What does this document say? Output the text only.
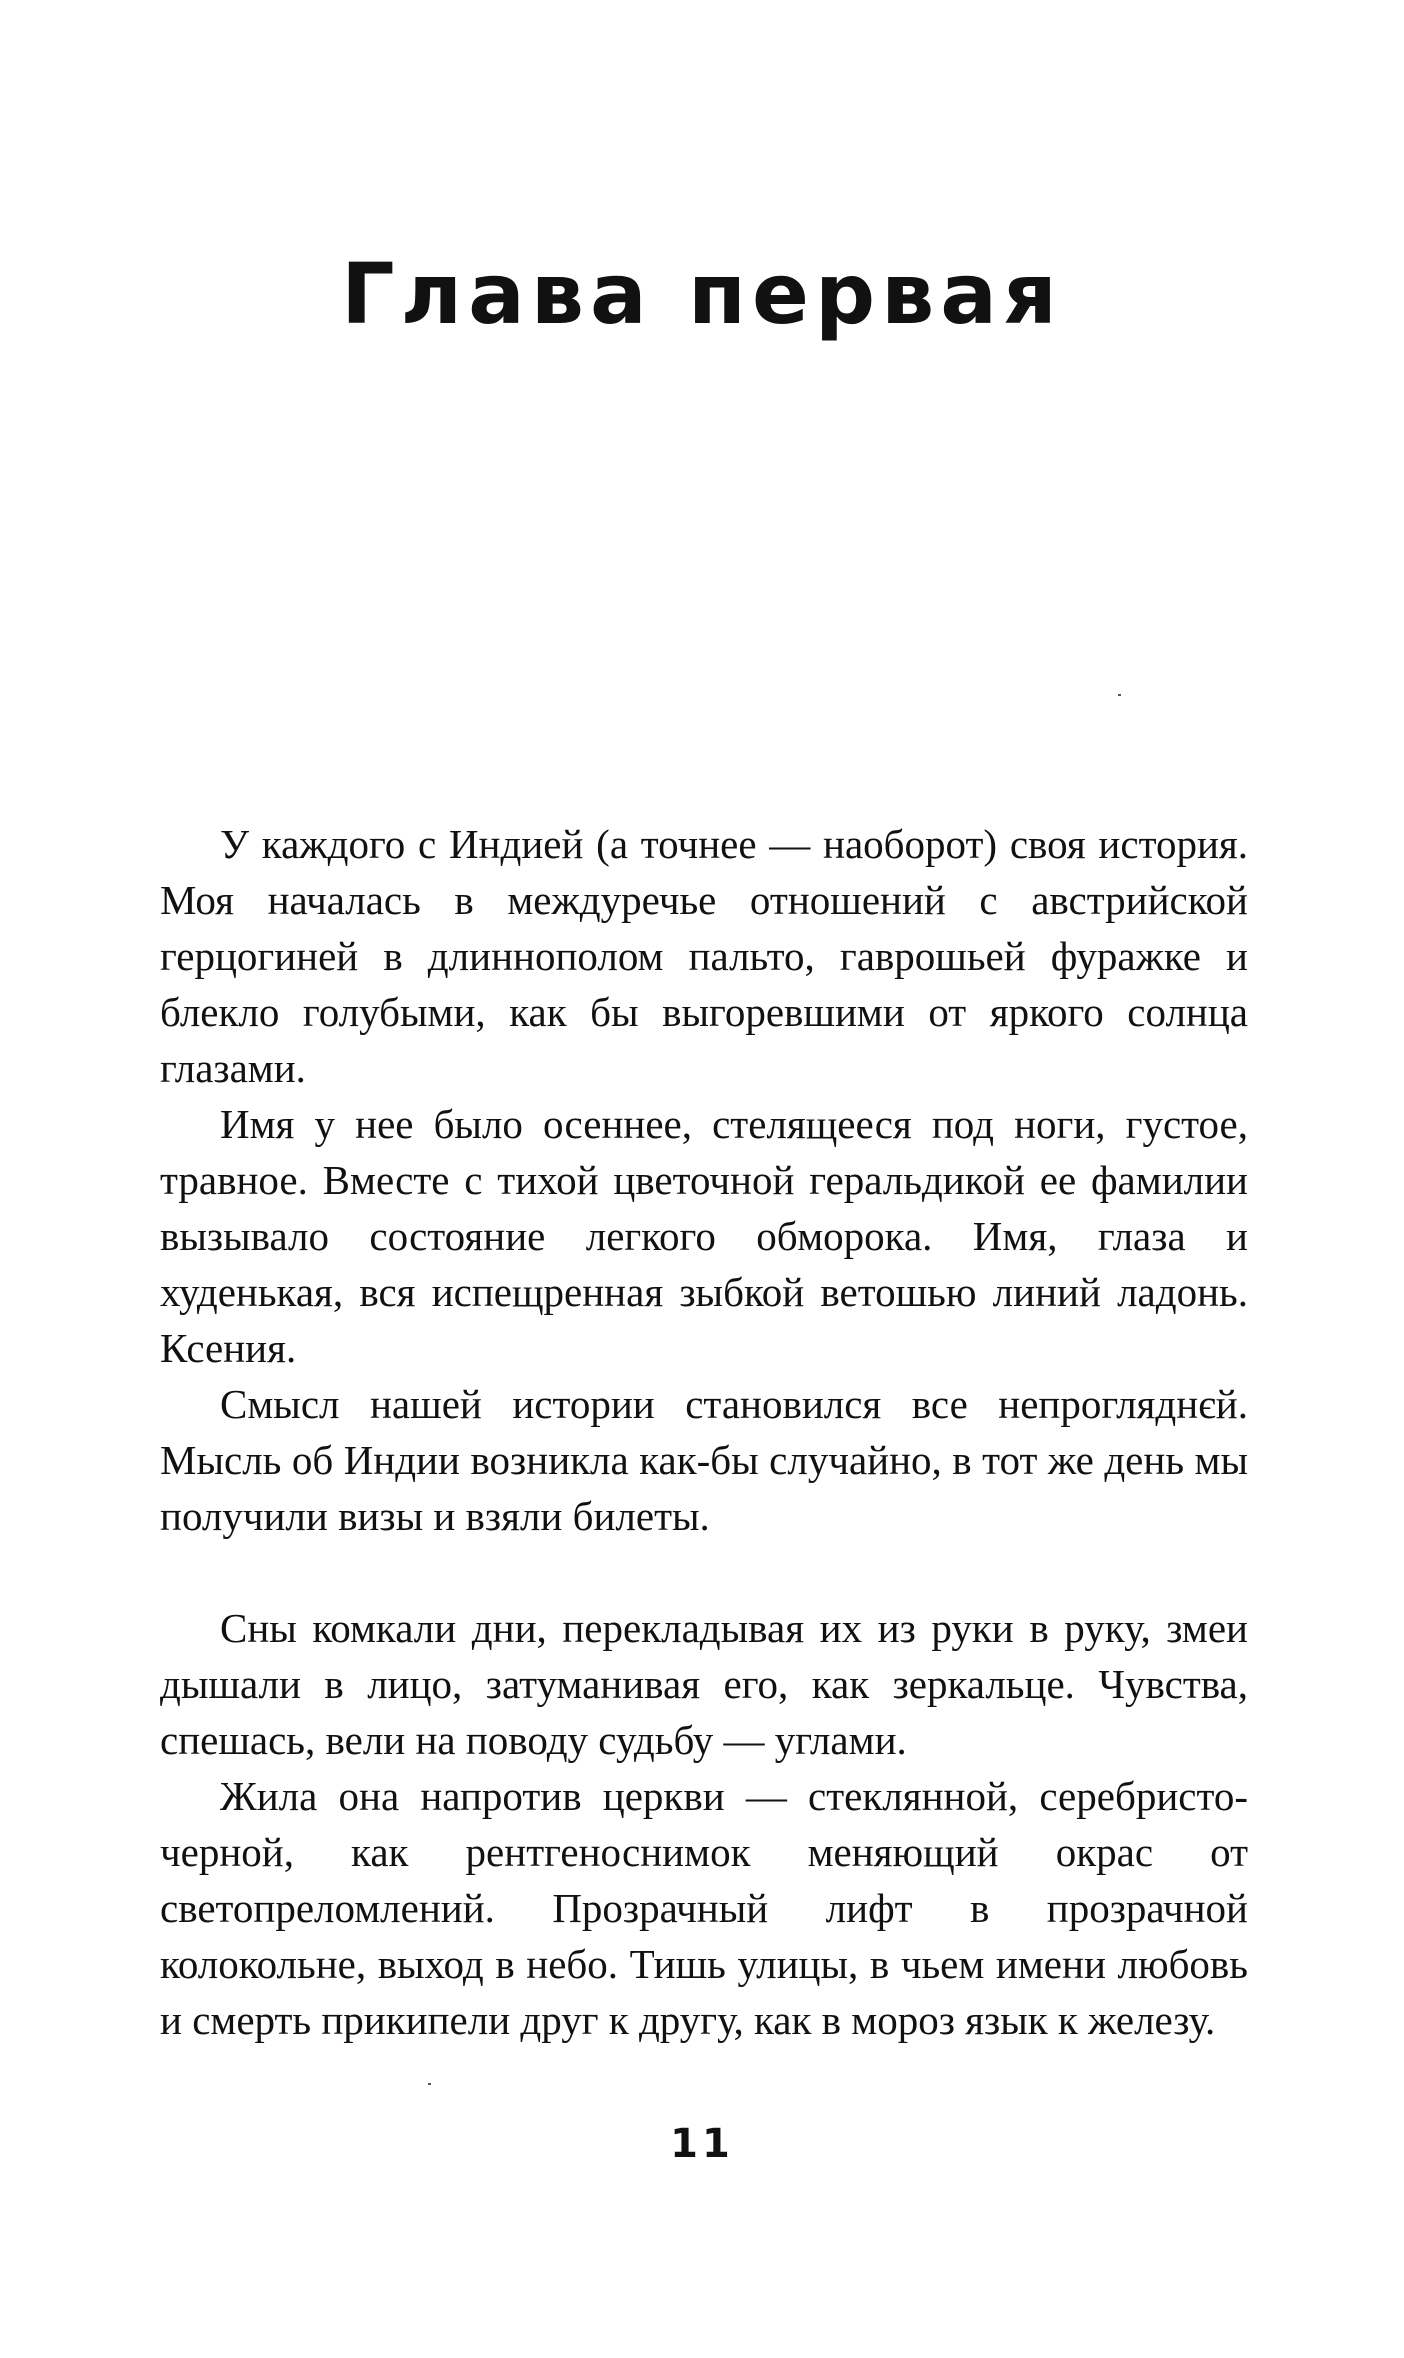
Глава первая

У каждого с Индией (а точнее — наоборот) своя история. Моя началась в междуречье отношений с австрийской герцогиней в длиннополом пальто, гаврошьей фуражке и блекло голубыми, как бы выгоревшими от яркого солнца глазами.

Имя у нее было осеннее, стелящееся под ноги, густое, травное. Вместе с тихой цветочной геральдикой ее фамилии вызывало состояние легкого обморока. Имя, глаза и худенькая, вся испещренная зыбкой ветошью линий ладонь. Ксения.

Смысл нашей истории становился все непрогляднєй. Мысль об Индии возникла как-бы случайно, в тот же день мы получили визы и взяли билеты.

Сны комкали дни, перекладывая их из руки в руку, змеи дышали в лицо, затуманивая его, как зеркальце. Чувства, спешась, вели на поводу судьбу — углами.

Жила она напротив церкви — стеклянной, серебристо-черной, как рентгеноснимок меняющий окрас от светопреломлений. Прозрачный лифт в прозрачной колокольне, выход в небо. Тишь улицы, в чьем имени любовь и смерть прикипели друг к другу, как в мороз язык к железу.

11
